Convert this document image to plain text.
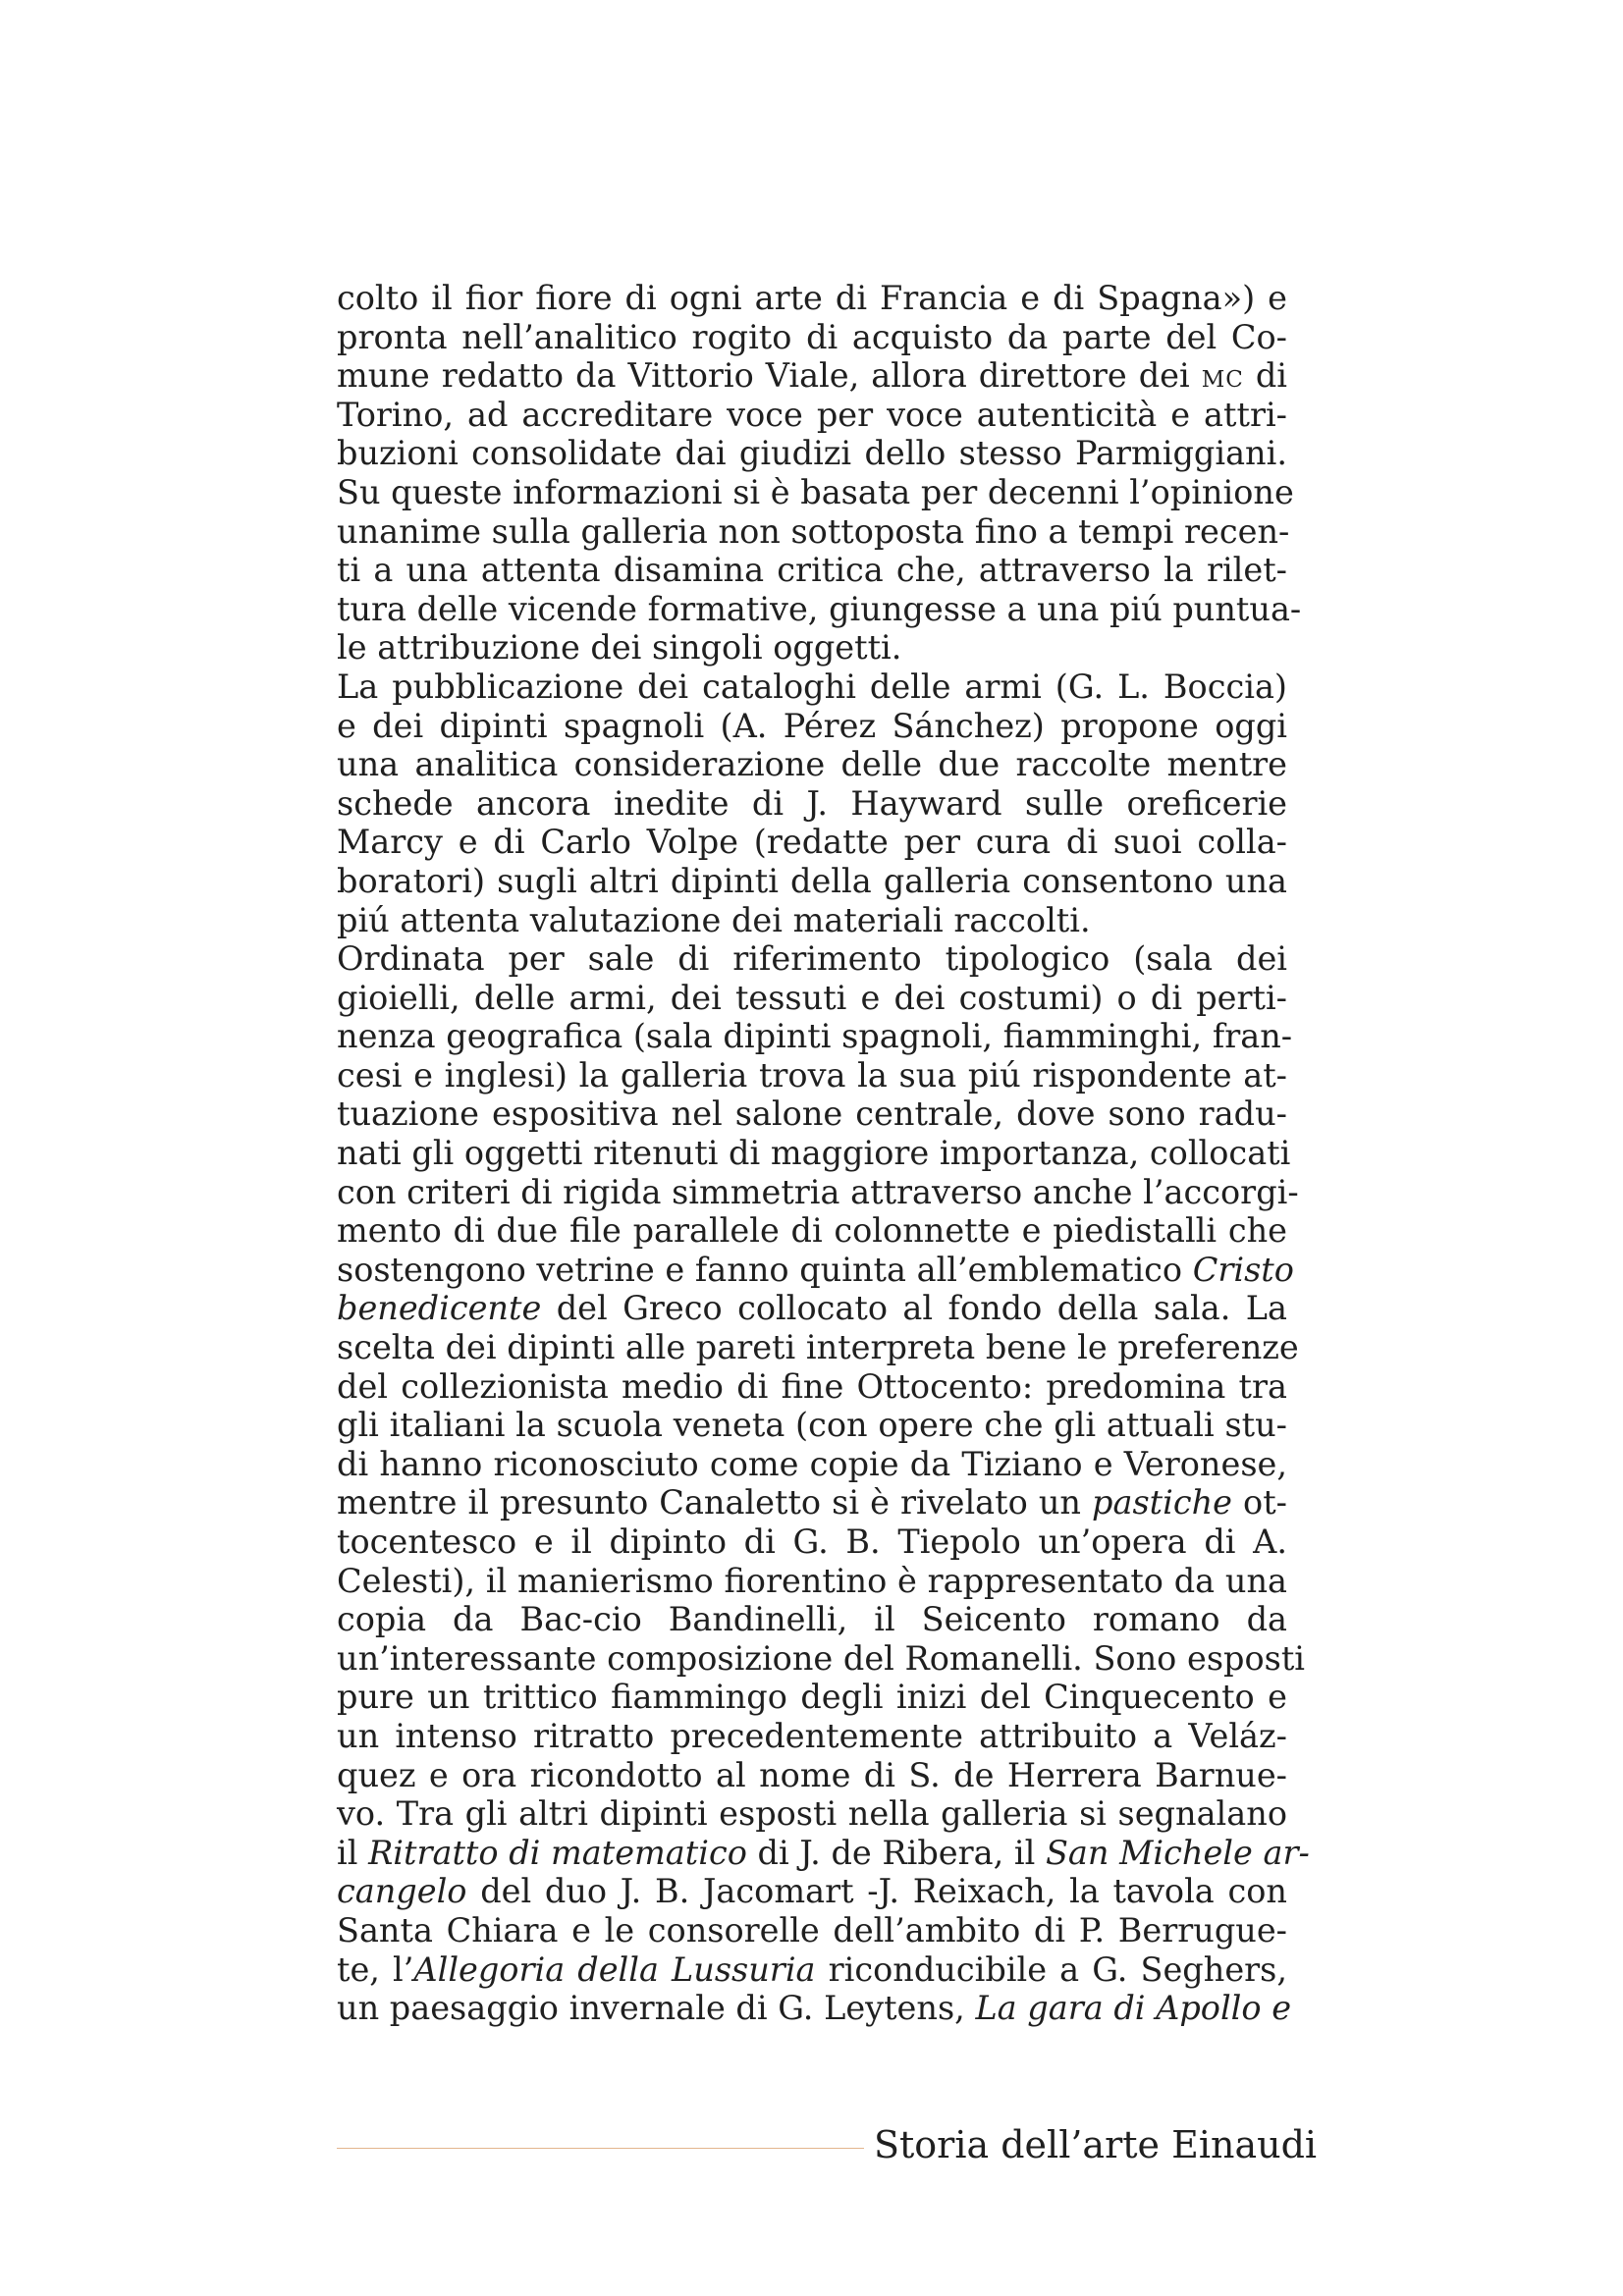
colto il fior fiore di ogni arte di Francia e di Spagna») e
pronta nell’analitico rogito di acquisto da parte del Co-
mune redatto da Vittorio Viale, allora direttore dei mc di
Torino, ad accreditare voce per voce autenticità e attri-
buzioni consolidate dai giudizi dello stesso Parmiggiani.
Su queste informazioni si è basata per decenni l’opinione
unanime sulla galleria non sottoposta fino a tempi recen-
ti a una attenta disamina critica che, attraverso la rilet-
tura delle vicende formative, giungesse a una piú puntua-
le attribuzione dei singoli oggetti.
La pubblicazione dei cataloghi delle armi (G. L. Boccia)
e dei dipinti spagnoli (A. Pérez Sánchez) propone oggi
una analitica considerazione delle due raccolte mentre
schede ancora inedite di J. Hayward sulle oreficerie
Marcy e di Carlo Volpe (redatte per cura di suoi colla-
boratori) sugli altri dipinti della galleria consentono una
piú attenta valutazione dei materiali raccolti.
Ordinata per sale di riferimento tipologico (sala dei
gioielli, delle armi, dei tessuti e dei costumi) o di perti-
nenza geografica (sala dipinti spagnoli, fiamminghi, fran-
cesi e inglesi) la galleria trova la sua piú rispondente at-
tuazione espositiva nel salone centrale, dove sono radu-
nati gli oggetti ritenuti di maggiore importanza, collocati
con criteri di rigida simmetria attraverso anche l’accorgi-
mento di due file parallele di colonnette e piedistalli che
sostengono vetrine e fanno quinta all’emblematico Cristo
benedicente del Greco collocato al fondo della sala. La
scelta dei dipinti alle pareti interpreta bene le preferenze
del collezionista medio di fine Ottocento: predomina tra
gli italiani la scuola veneta (con opere che gli attuali stu-
di hanno riconosciuto come copie da Tiziano e Veronese,
mentre il presunto Canaletto si è rivelato un pastiche ot-
tocentesco e il dipinto di G. B. Tiepolo un’opera di A.
Celesti), il manierismo fiorentino è rappresentato da una
copia da Bac-cio Bandinelli, il Seicento romano da
un’interessante composizione del Romanelli. Sono esposti
pure un trittico fiammingo degli inizi del Cinquecento e
un intenso ritratto precedentemente attribuito a Veláz-
quez e ora ricondotto al nome di S. de Herrera Barnue-
vo. Tra gli altri dipinti esposti nella galleria si segnalano
il Ritratto di matematico di J. de Ribera, il San Michele ar-
cangelo del duo J. B. Jacomart -J. Reixach, la tavola con
Santa Chiara e le consorelle dell’ambito di P. Berrugue-
te, l’Allegoria della Lussuria riconducibile a G. Seghers,
un paesaggio invernale di G. Leytens, La gara di Apollo e
Storia dell’arte Einaudi
